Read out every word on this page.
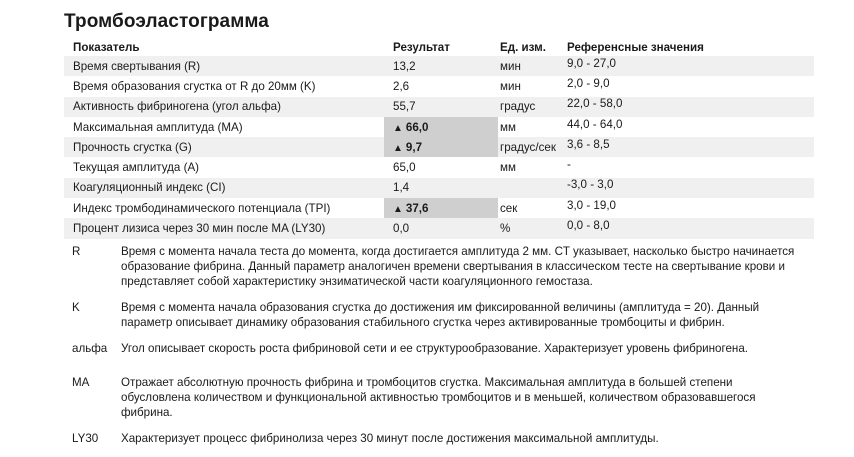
Тромбоэластограмма
Показатель	Результат	Ед. изм.	Референсные значения
Время свертывания (R)	13,2	мин	9,0 - 27,0
Время образования сгустка от R до 20мм (K)	2,6	мин	2,0 - 9,0
Активность фибриногена (угол альфа)	55,7	градус	22,0 - 58,0
Максимальная амплитуда (MA)	▲ 66,0	мм	44,0 - 64,0
Прочность сгустка (G)	▲ 9,7	градус/сек	3,6 - 8,5
Текущая амплитуда (A)	65,0	мм	-
Коагуляционный индекс (CI)	1,4		-3,0 - 3,0
Индекс тромбодинамического потенциала (TPI)	▲ 37,6	сек	3,0 - 19,0
Процент лизиса через 30 мин после MA (LY30)	0,0	%	0,0 - 8,0
R	Время с момента начала теста до момента, когда достигается амплитуда 2 мм. CT указывает, насколько быстро начинается образование фибрина. Данный параметр аналогичен времени свертывания в классическом тесте на свертывание крови и представляет собой характеристику энзиматической части коагуляционного гемостаза.
K	Время с момента начала образования сгустка до достижения им фиксированной величины (амплитуда = 20). Данный параметр описывает динамику образования стабильного сгустка через активированные тромбоциты и фибрин.
альфа	Угол описывает скорость роста фибриновой сети и ее структурообразование. Характеризует уровень фибриногена.
MA	Отражает абсолютную прочность фибрина и тромбоцитов сгустка. Максимальная амплитуда в большей степени обусловлена количеством и функциональной активностью тромбоцитов и в меньшей, количеством образовавшегося фибрина.
LY30	Характеризует процесс фибринолиза через 30 минут после достижения максимальной амплитуды.
